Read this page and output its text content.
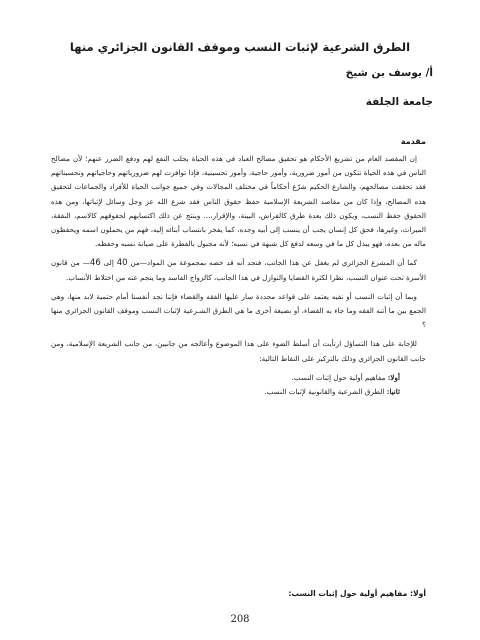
الطرق الشرعية لإثبات النسب وموقف القانون الجزائري منها
أ/ يوسف بن شيخ
جامعة الجلفة
مقدمة

إن المقصد العام من تشريع الأحكام هو تحقيق مصالح العباد في هذه الحياة بجلب النفع لهم ودفع الضرر عنهم؛ لأن مصالح الناس في هذه الحياة تتكون من أمور ضرورية، وأمور حاجية، وأمور تحسينية، فإذا توافرت لهم ضرورياتهم وحاجياتهم وتحسيناتهم فقد تحققت مصالحهم، والشارع الحكيم شرّع أحكاماً في مختلف المجالات وفي جميع جوانب الحياة للأفراد والجماعات لتحقيق هذه المصالح، وإذا كان من مقاصد الشريعة الإسلامية حفظ حقوق الناس فقد شرع الله عز وجل وسائل لإثباتها، ومن هذه الحقوق حفظ النسب، ويكون ذلك بعدة طرق كالفراش، البينة، والإقرار،... وينتج عن ذلك اكتسابهم لحقوقهم كالاسم، النفقة، الميراث، وغيرها، فحق كل إنسان يجب أن ينسب إلى أبيه وجده، كما يفخر بانتساب أبنائه إليه، فهم من يحملون اسمه ويحفظون ماله من بعده، فهو يبذل كل ما في وسعه لدفع كل شبهة في نسبه؛ لأنه مجبول بالفطرة على صيانة نسبه وحفظه.

كما أن المشرع الجزائري لم يغفل عن هذا الجانب، فنجد أنه قد خصه بمجموعة من المواد—من 40 إلى 46— من قانون الأسرة تحت عنوان النسب، نظرا لكثرة القضايا والنوازل في هذا الجانب، كالزواج الفاسد وما ينجم عنه من اختلاط الأنساب.

وبما أن إثبات النسب أو نفيه يعتمد على قواعد محددة سار عليها الفقه والقضاء فإننا نجد أنفسنا أمام حتمية لابد منها، وهي الجمع بين ما أتنه الفقه وما جاء به القضاء، أو بصيغة أخرى ما هي الطرق الشـرعية لإثبات النسب وموقف القانون الجزائري منها ؟

للإجابة على هذا التساؤل ارتأيت أن أسلط الضوء على هذا الموضوع وأعالجه من جانبين، من جانب الشريعة الإسلامية، ومن جانب القانون الجزائري وذلك بالتركيز على النقاط التالية:

أولا: مفاهيم أولية حول إثبات النسب.

ثانيا: الطرق الشرعية والقانونية لإثبات النسب.

أولا: مفاهيم أولية حول إثبات النسب:
208
